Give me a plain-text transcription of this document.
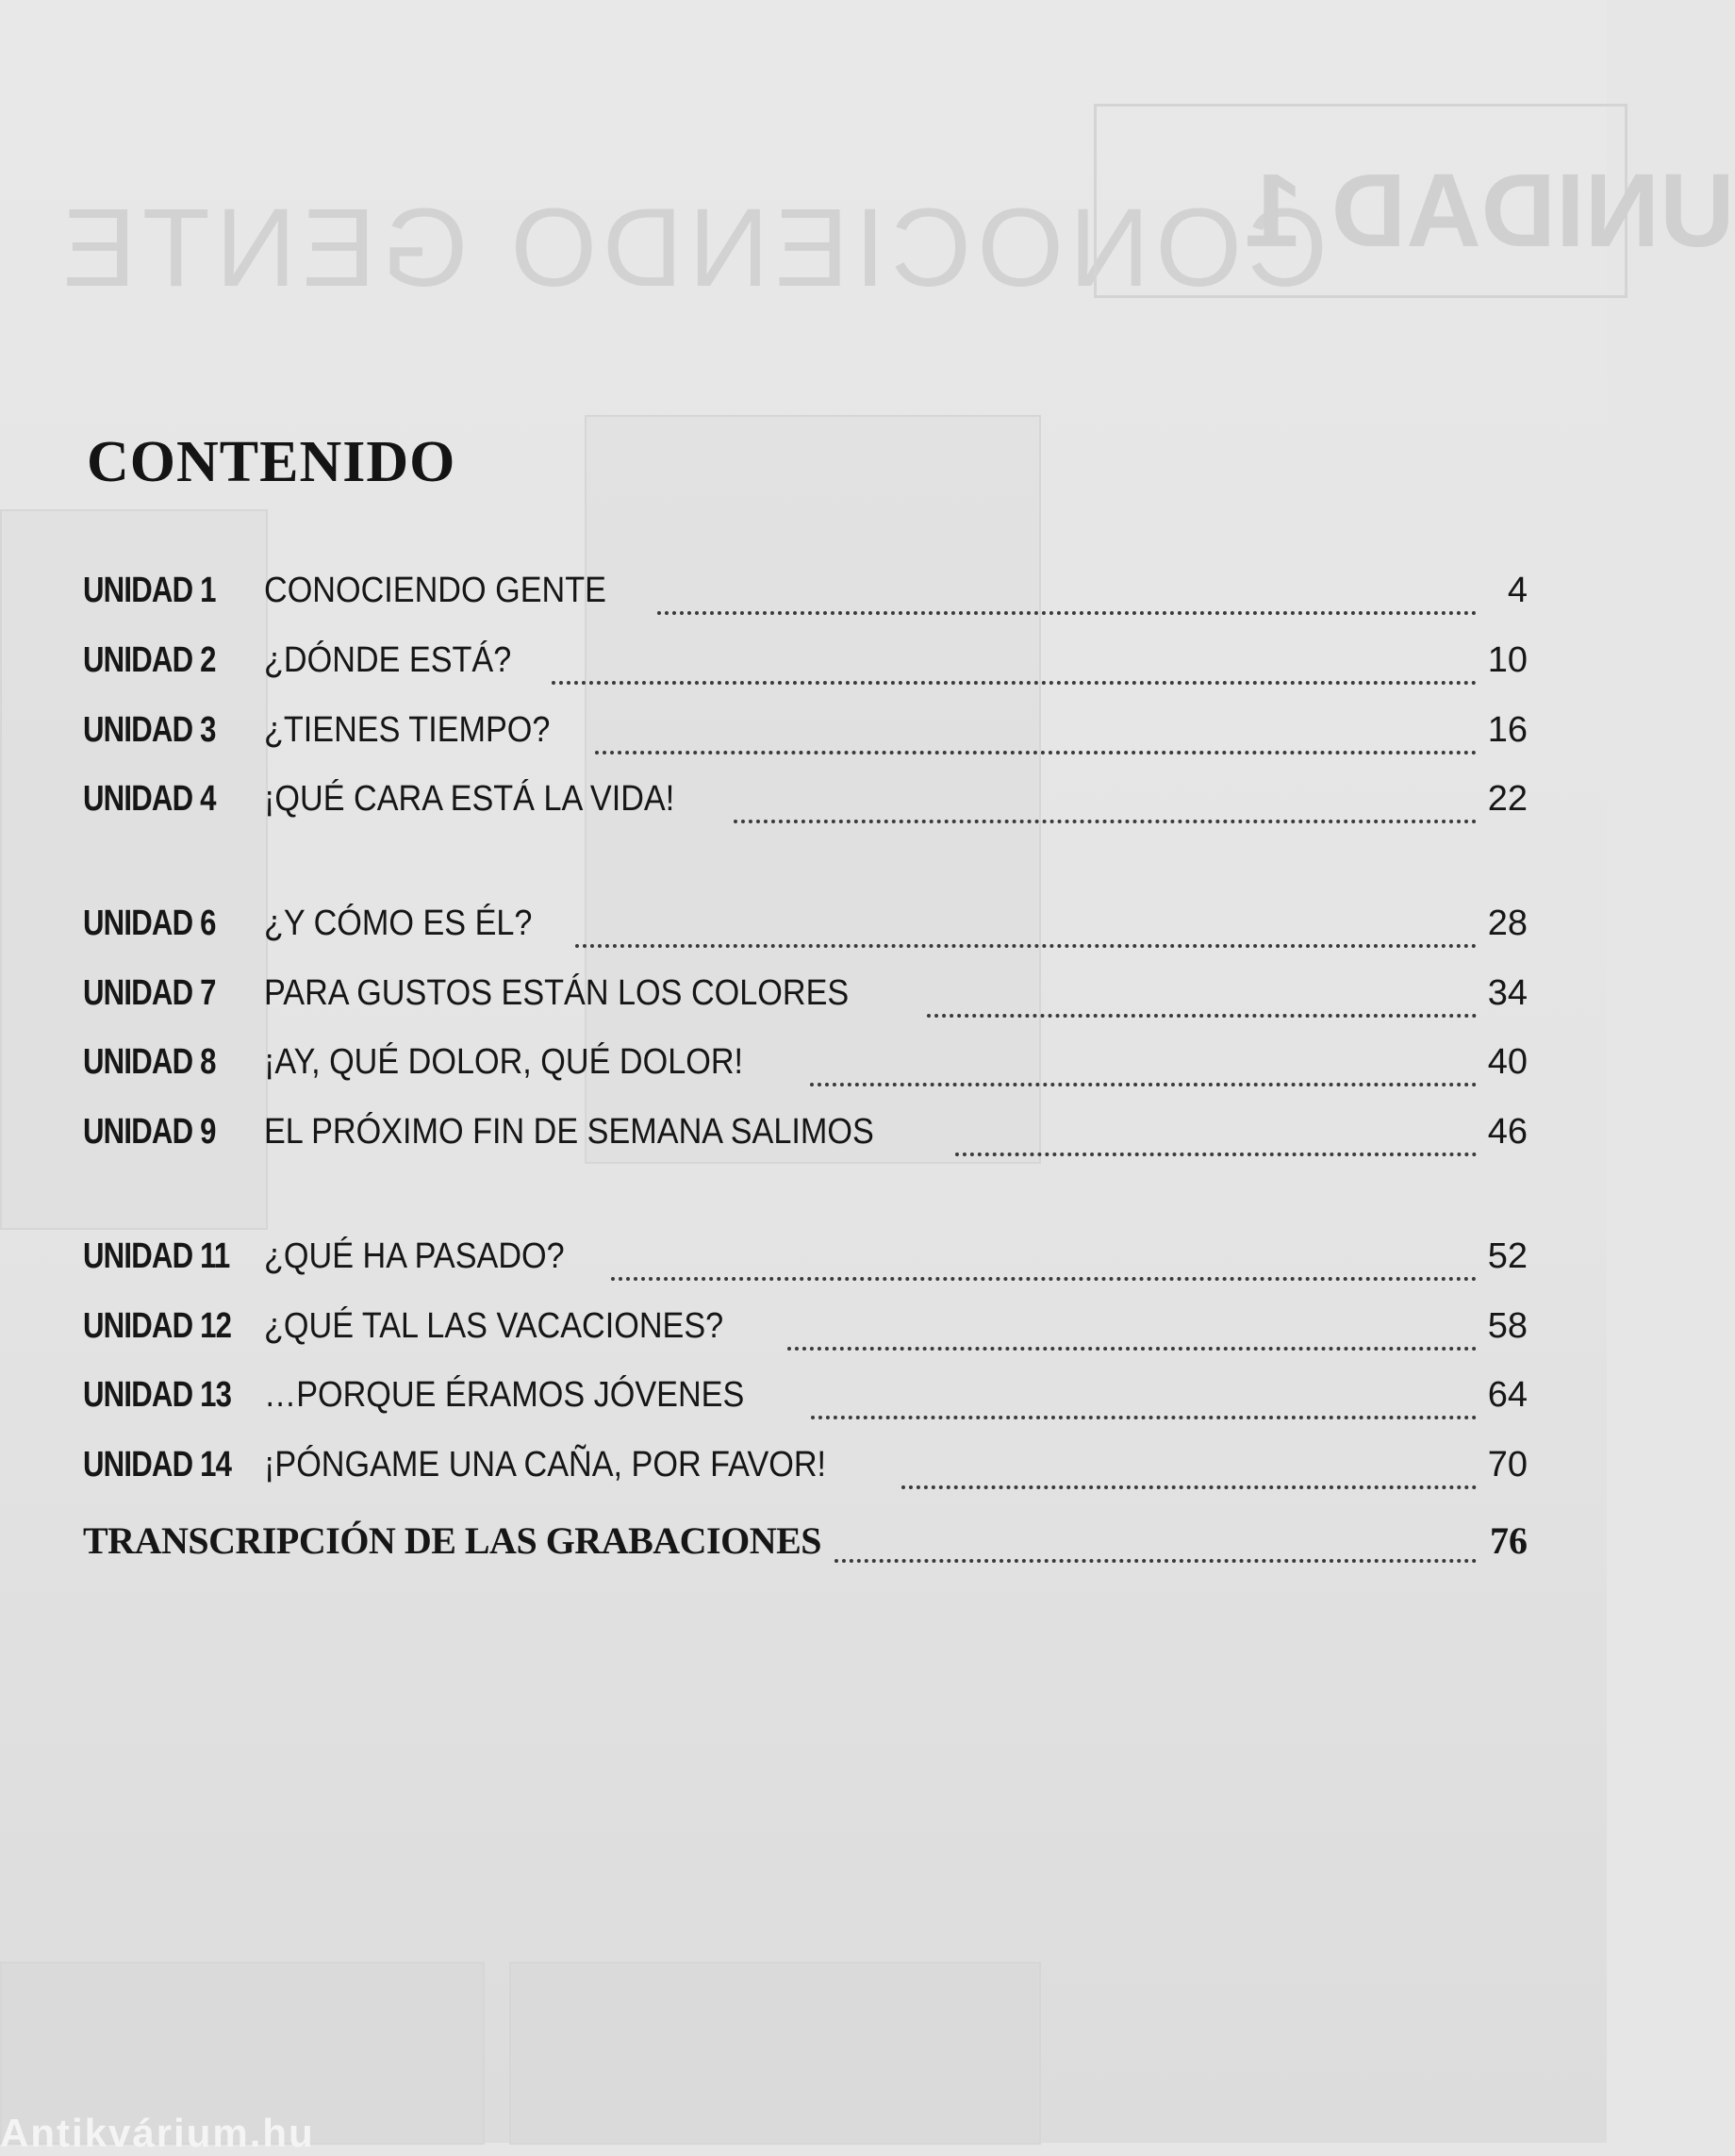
CONOCIENDO GENTE
UNIDAD 1
CONTENIDO
UNIDAD 1	CONOCIENDO GENTE	4
UNIDAD 2	¿DÓNDE ESTÁ?	10
UNIDAD 3	¿TIENES TIEMPO?	16
UNIDAD 4	¡QUÉ CARA ESTÁ LA VIDA!	22
UNIDAD 6	¿Y CÓMO ES ÉL?	28
UNIDAD 7	PARA GUSTOS ESTÁN LOS COLORES	34
UNIDAD 8	¡AY, QUÉ DOLOR, QUÉ DOLOR!	40
UNIDAD 9	EL PRÓXIMO FIN DE SEMANA SALIMOS	46
UNIDAD 11 ¿QUÉ HA PASADO?	52
UNIDAD 12 ¿QUÉ TAL LAS VACACIONES?	58
UNIDAD 13 …PORQUE ÉRAMOS JÓVENES	64
UNIDAD 14 ¡PÓNGAME UNA CAÑA, POR FAVOR!	70
TRANSCRIPCIÓN DE LAS GRABACIONES	76
Antikvárium.hu
